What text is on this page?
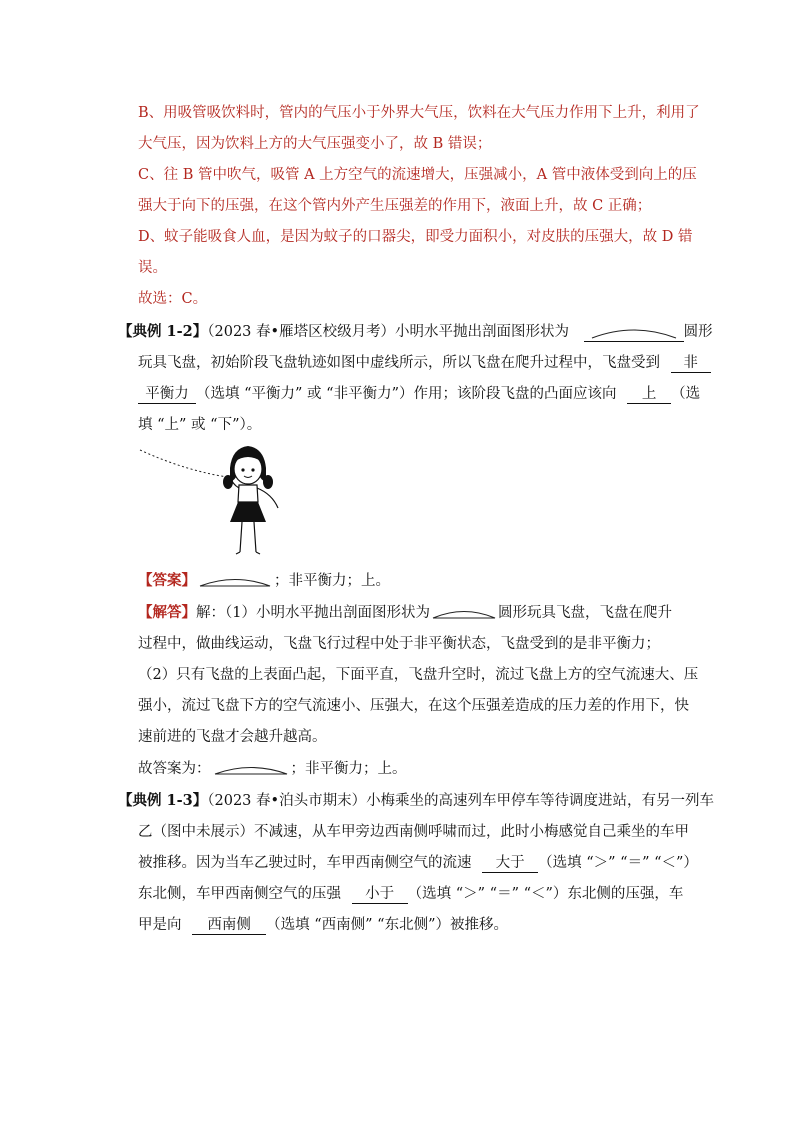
B、用吸管吸饮料时，管内的气压小于外界大气压，饮料在大气压力作用下上升，利用了
大气压，因为饮料上方的大气压强变小了，故 B 错误；
C、往 B 管中吹气，吸管 A 上方空气的流速增大，压强减小，A 管中液体受到向上的压
强大于向下的压强，在这个管内外产生压强差的作用下，液面上升，故 C 正确；
D、蚊子能吸食人血，是因为蚊子的口器尖，即受力面积小，对皮肤的压强大，故 D 错
误。
故选：C。
【典例 1-2】（2023 春•雁塔区校级月考）小明水平抛出剖面图形状为	圆形
玩具飞盘，初始阶段飞盘轨迹如图中虚线所示，所以飞盘在爬升过程中，飞盘受到 非
平衡力 （选填 “平衡力” 或 “非平衡力”）作用；该阶段飞盘的凸面应该向 上 （选
填 “上” 或 “下”）。
【答案】	；非平衡力；上。
【解答】解：（1）小明水平抛出剖面图形状为	圆形玩具飞盘，飞盘在爬升
过程中，做曲线运动，飞盘飞行过程中处于非平衡状态，飞盘受到的是非平衡力；
（2）只有飞盘的上表面凸起，下面平直，飞盘升空时，流过飞盘上方的空气流速大、压
强小，流过飞盘下方的空气流速小、压强大，在这个压强差造成的压力差的作用下，快
速前进的飞盘才会越升越高。
故答案为：	；非平衡力；上。
【典例 1-3】（2023 春•泊头市期末）小梅乘坐的高速列车甲停车等待调度进站，有另一列车
乙（图中未展示）不减速，从车甲旁边西南侧呼啸而过，此时小梅感觉自己乘坐的车甲
被推移。因为当车乙驶过时，车甲西南侧空气的流速 大于 （选填 “＞” “＝” “＜”）
东北侧，车甲西南侧空气的压强 小于 （选填 “＞” “＝” “＜”）东北侧的压强，车
甲是向 西南侧 （选填 “西南侧” “东北侧”）被推移。
